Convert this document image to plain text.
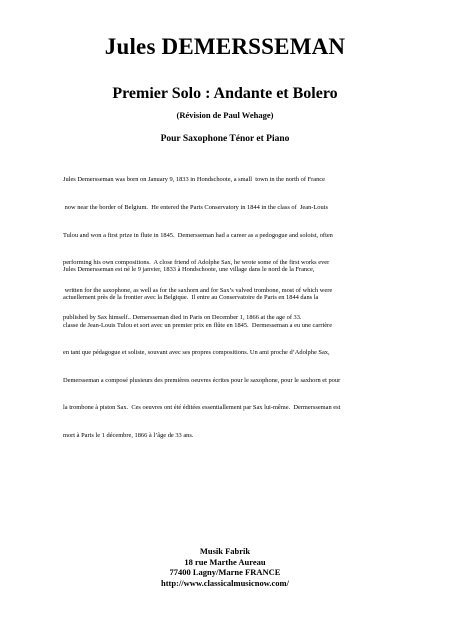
Jules DEMERSSEMAN
Premier Solo : Andante et Bolero
(Révision de Paul Wehage)
Pour Saxophone Ténor et Piano

Jules Demersseman was born on January 9, 1833 in Hondschoote, a small  town in the north of France

now near the border of Belgium.  He entered the Paris Conservatory in 1844 in the class of  Jean-Louis

Tulou and won a first prize in flute in 1845.  Demersseman had a career as a pedogogue and soloist, often

performing his own compositions.  A close friend of Adolphe Sax, he wrote some of the first works ever

written for the saxophone, as well as for the saxhorn and for Sax’s valved trombone, most of which were

published by Sax himself.. Demersseman died in Paris on December 1, 1866 at the age of 33.

Jules Demersseman est né le 9 janvier, 1833 à Hondschoote, une village dans le nord de la France,

actuellement près de la frontier avec la Belgique.  Il entre au Conservatoire de Paris en 1844 dans la

classe de Jean-Louis Tulou et sort avec un premier prix en flûte en 1845.  Dermesseman a eu une carrière

en tant que pédagogue et soliste, souvant avec ses propres compositions. Un ami proche d’Adolphe Sax,

Demersseman a composé plusieurs des premières oeuvres écrites pour le saxophone, pour le saxhorn et pour

la trombone à piston Sax.  Ces oeuvres ont été éditées essentiallement par Sax lui-même.  Dermersseman est

mort à Paris le 1 décembre, 1866 à l’âge de 33 ans.

Musik Fabrik
18 rue Marthe Aureau
77400 Lagny/Marne FRANCE
http://www.classicalmusicnow.com/
